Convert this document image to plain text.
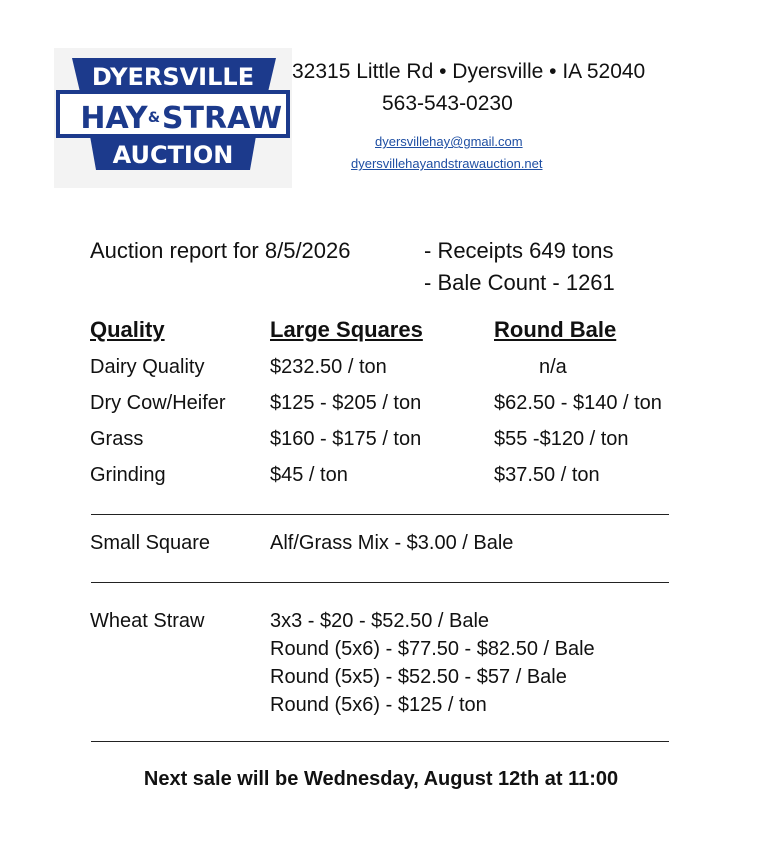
DYERSVILLE
HAY & STRAW
AUCTION
32315 Little Rd • Dyersville • IA 52040
563-543-0230
dyersvillehay@gmail.com
dyersvillehayandstrawauction.net
Auction report for 8/5/2026	- Receipts 649 tons
- Bale Count - 1261
Quality	Large Squares	Round Bale
Dairy Quality	$232.50 / ton	n/a
Dry Cow/Heifer $125 - $205 / ton	$62.50 - $140 / ton
Grass	$160 - $175 / ton	$55 -$120 / ton
Grinding	$45 / ton	$37.50 / ton
Small Square	Alf/Grass Mix - $3.00 / Bale
Wheat Straw	3x3 - $20 - $52.50 / Bale
Round (5x6) - $77.50 - $82.50 / Bale
Round (5x5) - $52.50 - $57 / Bale
Round (5x6) - $125 / ton
Next sale will be Wednesday, August 12th at 11:00
